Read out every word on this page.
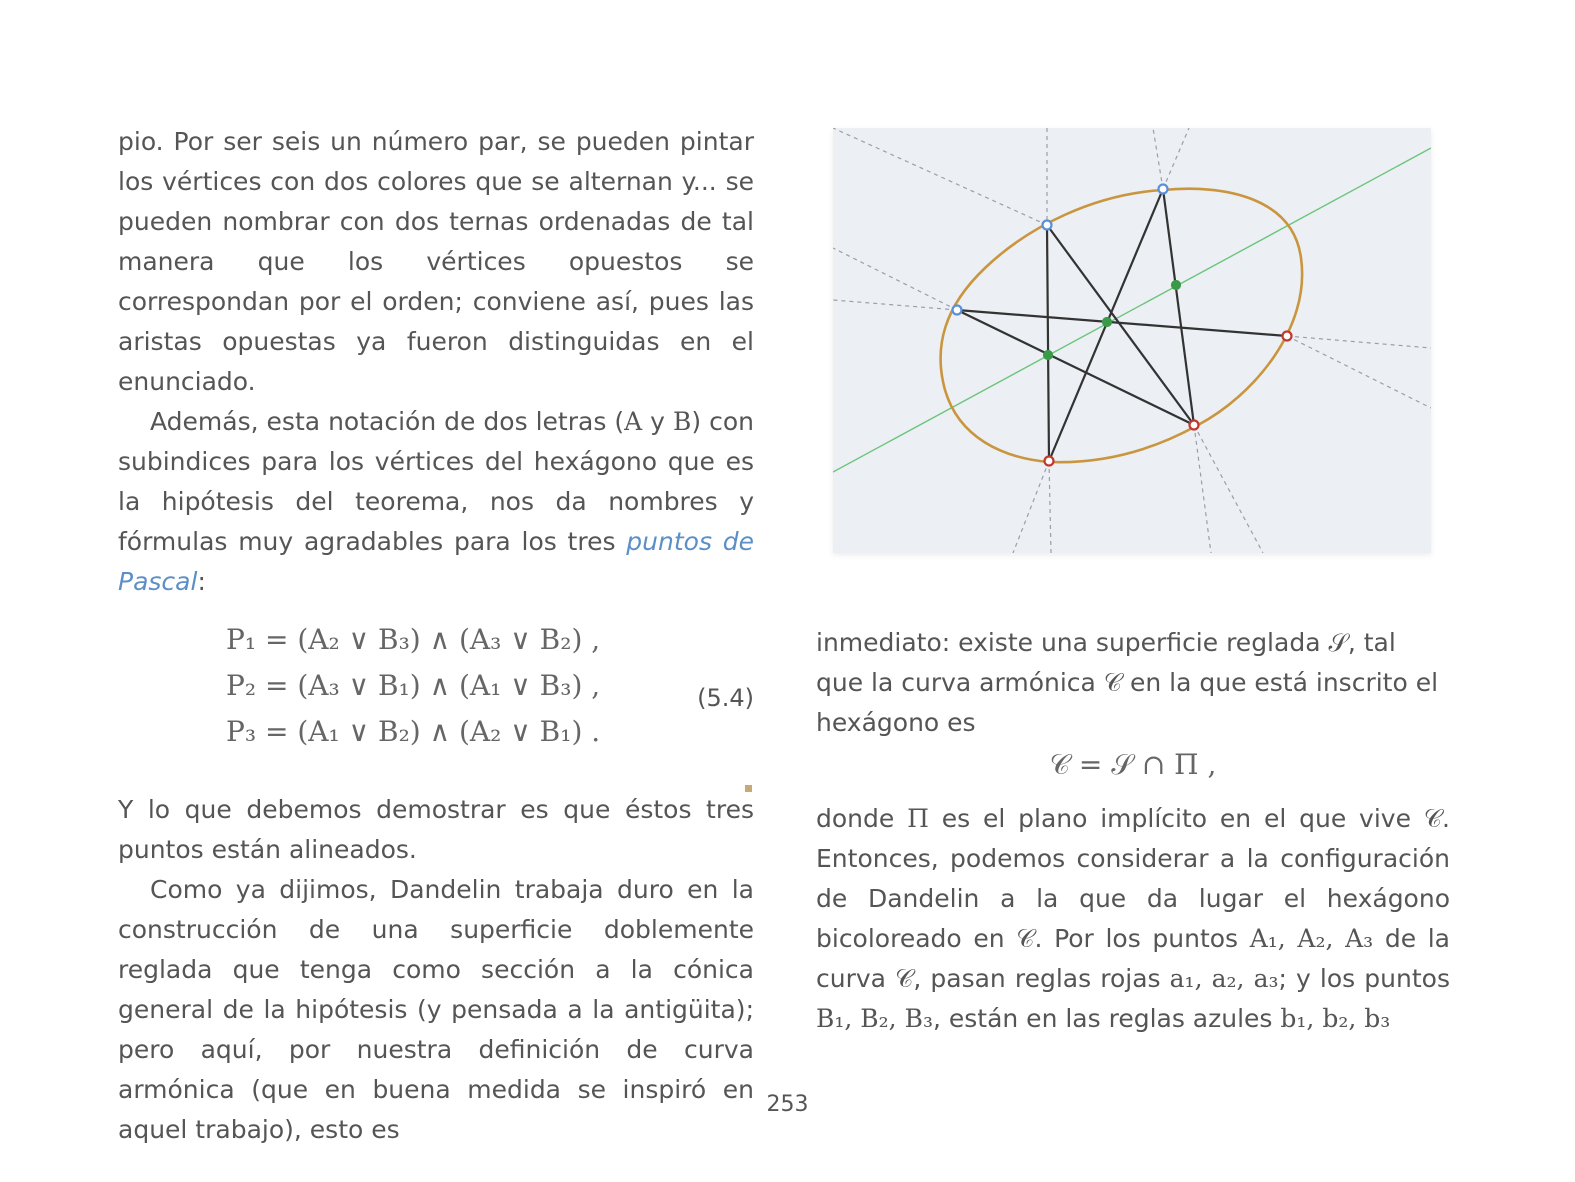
pio. Por ser seis un número par, se pueden pintar los vértices con dos colores que se alternan y... se pueden nombrar con dos ternas ordenadas de tal manera que los vértices opuestos se correspondan por el orden; conviene así, pues las aristas opuestas ya fueron distinguidas en el enunciado.

Además, esta notación de dos letras (A y B) con subindices para los vértices del hexágono que es la hipótesis del teorema, nos da nombres y fórmulas muy agradables para los tres puntos de Pascal:

P₁ = (A₂ ∨ B₃) ∧ (A₃ ∨ B₂) ,
P₂ = (A₃ ∨ B₁) ∧ (A₁ ∨ B₃) ,
P₃ = (A₁ ∨ B₂) ∧ (A₂ ∨ B₁) .
(5.4)

Y lo que debemos demostrar es que éstos tres puntos están alineados.

Como ya dijimos, Dandelin trabaja duro en la construcción de una superficie doblemente reglada que tenga como sección a la cónica general de la hipótesis (y pensada a la antigüita); pero aquí, por nuestra definición de curva armónica (que en buena medida se inspiró en aquel trabajo), esto es

inmediato: existe una superficie reglada 𝒮, tal que la curva armónica 𝒞 en la que está inscrito el hexágono es

𝒞 = 𝒮 ∩ Π ,

donde Π es el plano implícito en el que vive 𝒞. Entonces, podemos considerar a la configuración de Dandelin a la que da lugar el hexágono bicoloreado en 𝒞. Por los puntos A₁, A₂, A₃ de la curva 𝒞, pasan reglas rojas a₁, a₂, a₃; y los puntos B₁, B₂, B₃, están en las reglas azules b₁, b₂, b₃

253
